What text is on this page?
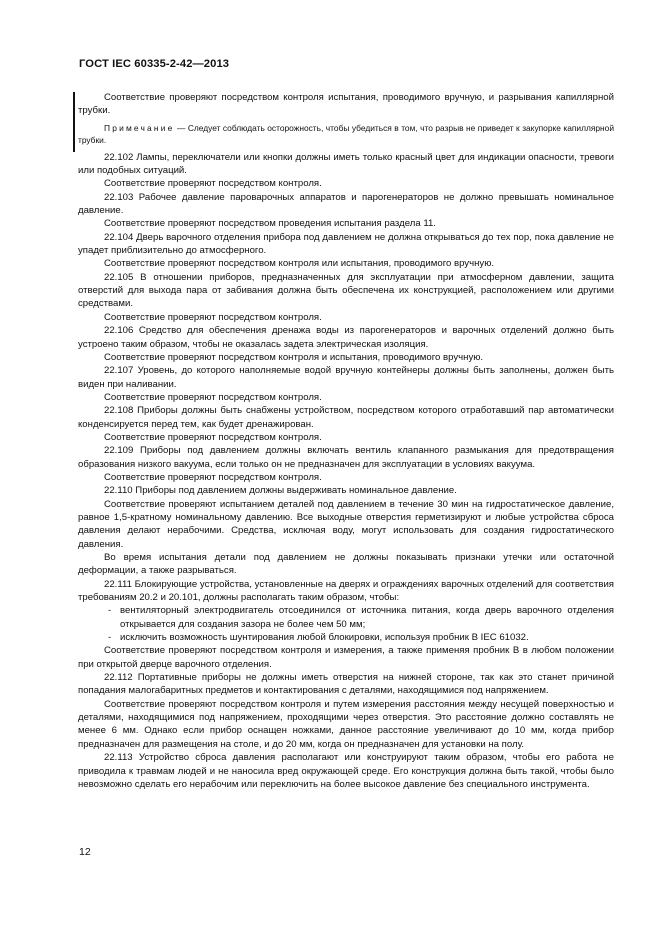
ГОСТ IEC 60335-2-42—2013

Соответствие проверяют посредством контроля испытания, проводимого вручную, и разрывания капиллярной трубки.

Примечание — Следует соблюдать осторожность, чтобы убедиться в том, что разрыв не приведет к закупорке капиллярной трубки.

22.102 Лампы, переключатели или кнопки должны иметь только красный цвет для индикации опасности, тревоги или подобных ситуаций.

Соответствие проверяют посредством контроля.

22.103 Рабочее давление пароварочных аппаратов и парогенераторов не должно превышать номинальное давление.

Соответствие проверяют посредством проведения испытания раздела 11.

22.104 Дверь варочного отделения прибора под давлением не должна открываться до тех пор, пока давление не упадет приблизительно до атмосферного.

Соответствие проверяют посредством контроля или испытания, проводимого вручную.

22.105 В отношении приборов, предназначенных для эксплуатации при атмосферном давлении, защита отверстий для выхода пара от забивания должна быть обеспечена их конструкцией, расположением или другими средствами.

Соответствие проверяют посредством контроля.

22.106 Средство для обеспечения дренажа воды из парогенераторов и варочных отделений должно быть устроено таким образом, чтобы не оказалась задета электрическая изоляция.

Соответствие проверяют посредством контроля и испытания, проводимого вручную.

22.107 Уровень, до которого наполняемые водой вручную контейнеры должны быть заполнены, должен быть виден при наливании.

Соответствие проверяют посредством контроля.

22.108 Приборы должны быть снабжены устройством, посредством которого отработавший пар автоматически конденсируется перед тем, как будет дренажирован.

Соответствие проверяют посредством контроля.

22.109 Приборы под давлением должны включать вентиль клапанного размыкания для предотвращения образования низкого вакуума, если только он не предназначен для эксплуатации в условиях вакуума.

Соответствие проверяют посредством контроля.

22.110 Приборы под давлением должны выдерживать номинальное давление.

Соответствие проверяют испытанием деталей под давлением в течение 30 мин на гидростатическое давление, равное 1,5-кратному номинальному давлению. Все выходные отверстия герметизируют и любые устройства сброса давления делают нерабочими. Средства, исключая воду, могут использовать для создания гидростатического давления.

Во время испытания детали под давлением не должны показывать признаки утечки или остаточной деформации, а также разрываться.

22.111 Блокирующие устройства, установленные на дверях и ограждениях варочных отделений для соответствия требованиям 20.2 и 20.101, должны располагать таким образом, чтобы:

- вентиляторный электродвигатель отсоединился от источника питания, когда дверь варочного отделения открывается для создания зазора не более чем 50 мм;

- исключить возможность шунтирования любой блокировки, используя пробник В IEC 61032.

Соответствие проверяют посредством контроля и измерения, а также применяя пробник В в любом положении при открытой дверце варочного отделения.

22.112 Портативные приборы не должны иметь отверстия на нижней стороне, так как это станет причиной попадания малогабаритных предметов и контактирования с деталями, находящимися под напряжением.

Соответствие проверяют посредством контроля и путем измерения расстояния между несущей поверхностью и деталями, находящимися под напряжением, проходящими через отверстия. Это расстояние должно составлять не менее 6 мм. Однако если прибор оснащен ножками, данное расстояние увеличивают до 10 мм, когда прибор предназначен для размещения на столе, и до 20 мм, когда он предназначен для установки на полу.

22.113 Устройство сброса давления располагают или конструируют таким образом, чтобы его работа не приводила к травмам людей и не наносила вред окружающей среде. Его конструкция должна быть такой, чтобы было невозможно сделать его нерабочим или переключить на более высокое давление без специального инструмента.

12
